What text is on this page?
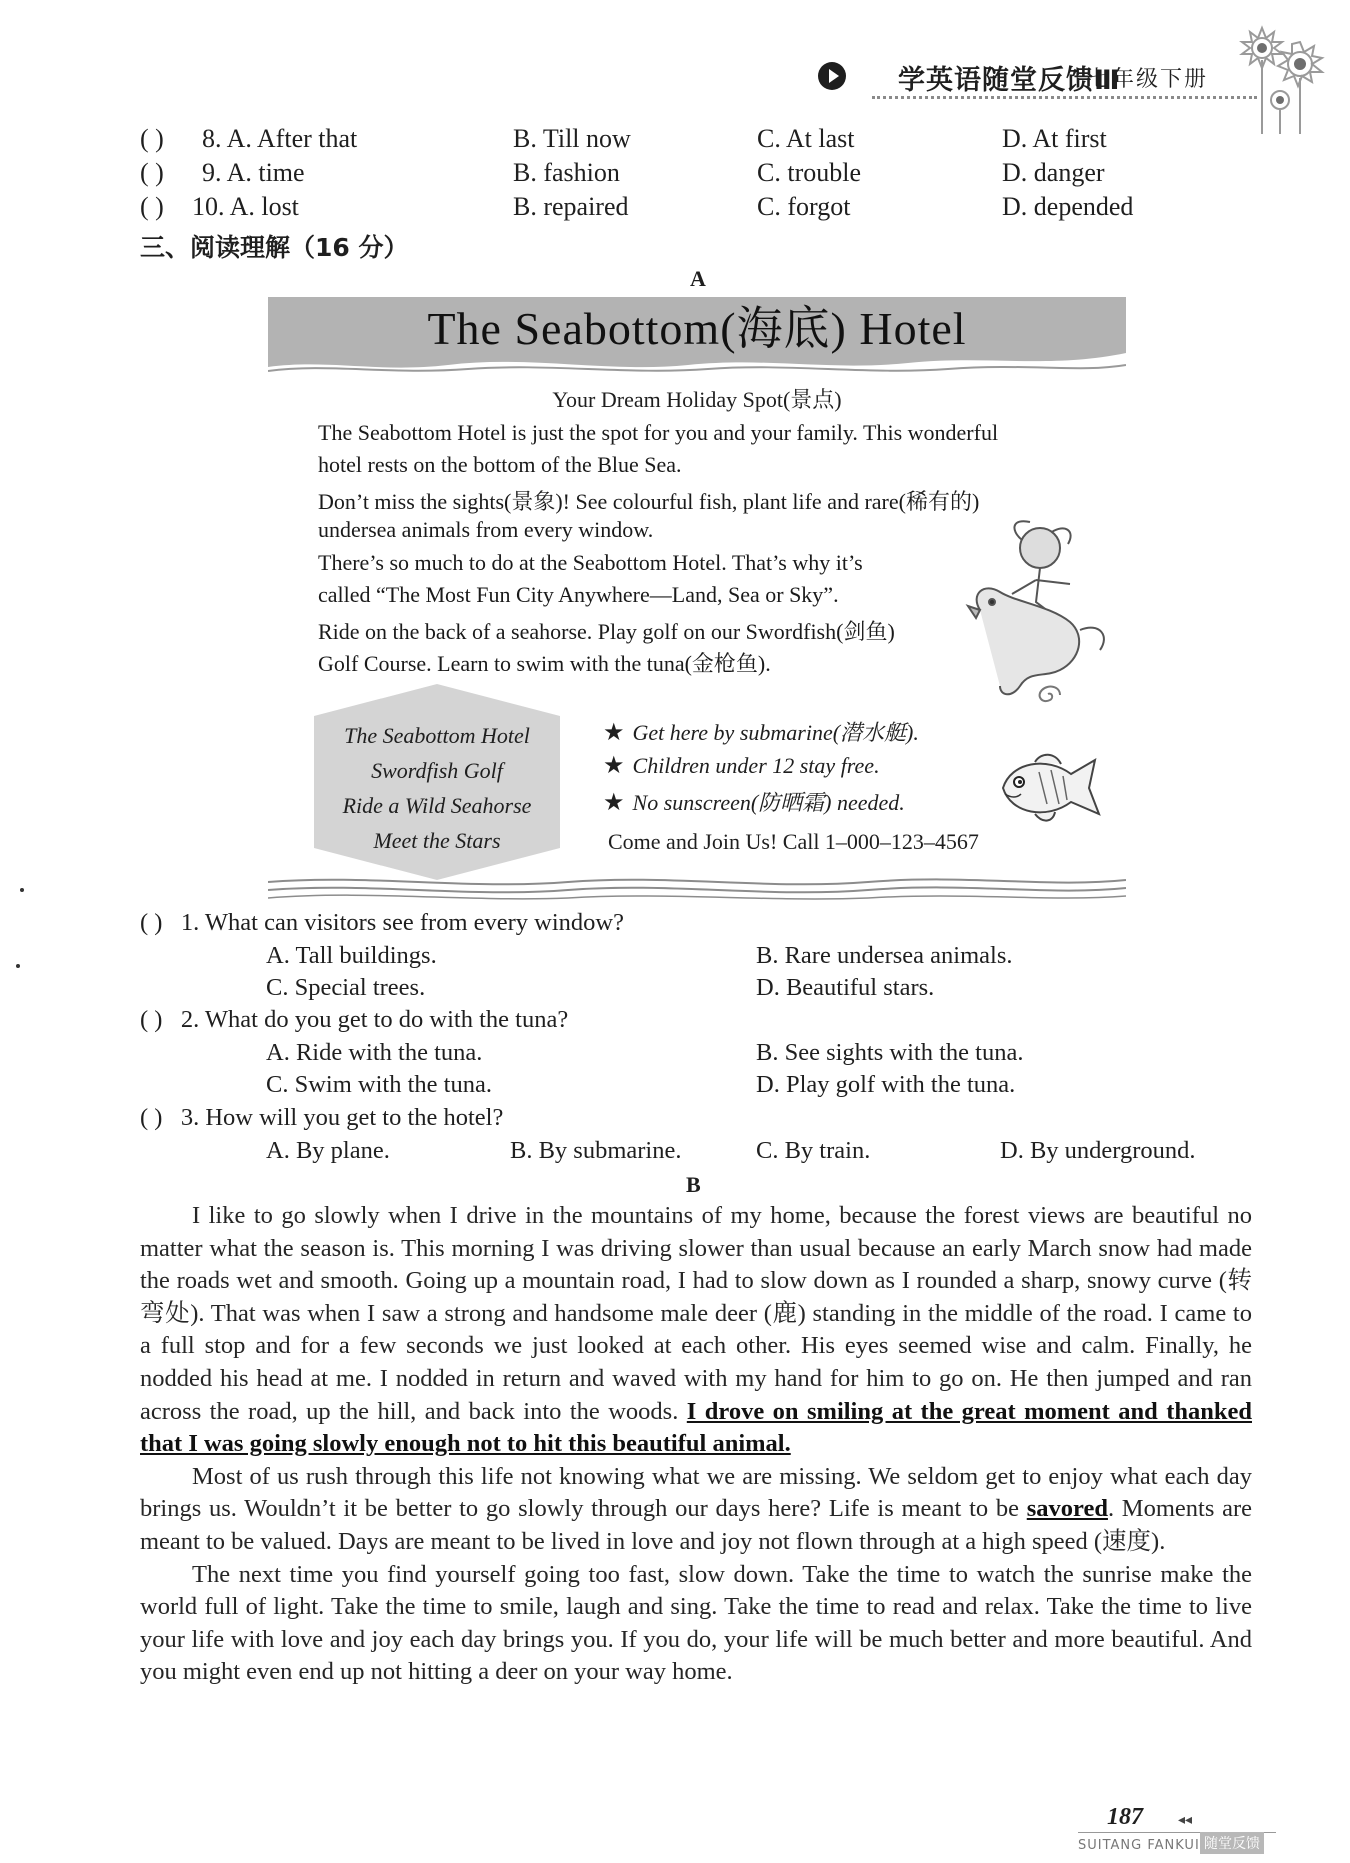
学英语随堂反馈Ⅲ
七年级下册
( ) 8. A. After that	B. Till now	C. At last	D. At first
( ) 9. A. time	B. fashion	C. trouble	D. danger
( ) 10. A. lost	B. repaired	C. forgot	D. depended
三、阅读理解（16 分）
A
The Seabottom(海底) Hotel
Your Dream Holiday Spot(景点)
The Seabottom Hotel is just the spot for you and your family. This wonderful
hotel rests on the bottom of the Blue Sea.
Don’t miss the sights(景象)! See colourful fish, plant life and rare(稀有的)
undersea animals from every window.
There’s so much to do at the Seabottom Hotel. That’s why it’s
called “The Most Fun City Anywhere—Land, Sea or Sky”.
Ride on the back of a seahorse. Play golf on our Swordfish(剑鱼)
Golf Course. Learn to swim with the tuna(金枪鱼).
The Seabottom Hotel
Swordfish Golf
Ride a Wild Seahorse
Meet the Stars
★ Get here by submarine(潜水艇).
★ Children under 12 stay free.
★ No sunscreen(防晒霜) needed.
Come and Join Us! Call 1–000–123–4567
( ) 1. What can visitors see from every window?
A. Tall buildings.	B. Rare undersea animals.
C. Special trees.	D. Beautiful stars.
( ) 2. What do you get to do with the tuna?
A. Ride with the tuna.	B. See sights with the tuna.
C. Swim with the tuna.	D. Play golf with the tuna.
( ) 3. How will you get to the hotel?
A. By plane.	B. By submarine.	C. By train.	D. By underground.
B

I like to go slowly when I drive in the mountains of my home, because the forest views are beautiful no matter what the season is. This morning I was driving slower than usual because an early March snow had made the roads wet and smooth. Going up a mountain road, I had to slow down as I rounded a sharp, snowy curve (转弯处). That was when I saw a strong and handsome male deer (鹿) standing in the middle of the road. I came to a full stop and for a few seconds we just looked at each other. His eyes seemed wise and calm. Finally, he nodded his head at me. I nodded in return and waved with my hand for him to go on. He then jumped and ran across the road, up the hill, and back into the woods. I drove on smiling at the great moment and thanked that I was going slowly enough not to hit this beautiful animal.

Most of us rush through this life not knowing what we are missing. We seldom get to enjoy what each day brings us. Wouldn’t it be better to go slowly through our days here? Life is meant to be savored. Moments are meant to be valued. Days are meant to be lived in love and joy not flown through at a high speed (速度).

The next time you find yourself going too fast, slow down. Take the time to watch the sunrise make the world full of light. Take the time to smile, laugh and sing. Take the time to read and relax. Take the time to live your life with love and joy each day brings you. If you do, your life will be much better and more beautiful. And you might even end up not hitting a deer on your way home.

187	◂◂
SUITANG FANKUI 随堂反馈
